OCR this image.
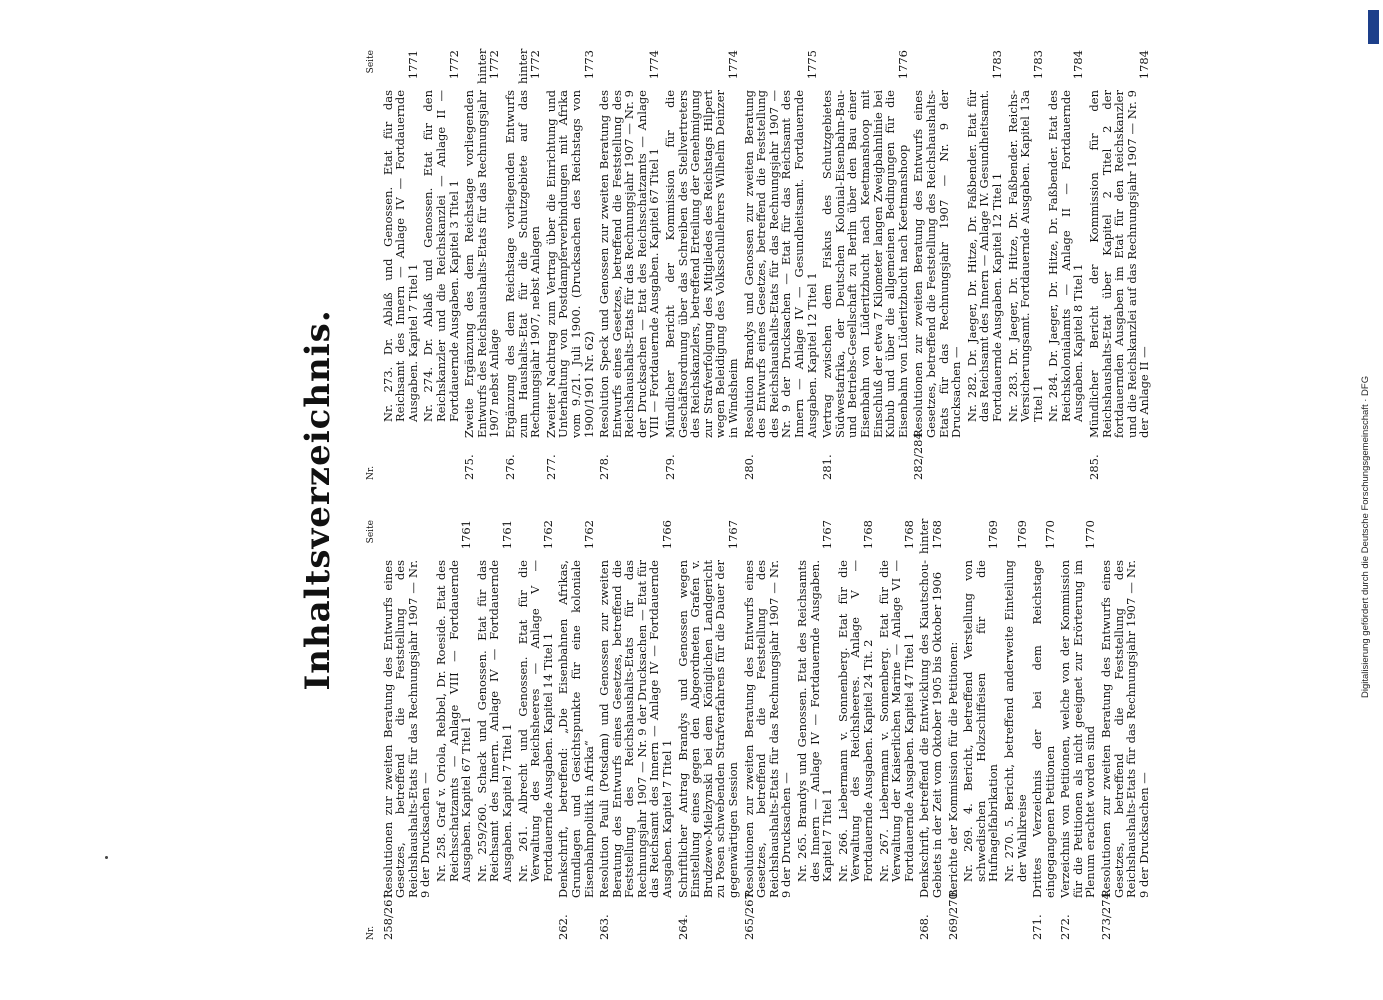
Inhaltsverzeichnis.
Nr.
Seite
258/261.
Resolutionen zur zweiten Beratung des Entwurfs eines Gesetzes, betreffend die Feststellung des Reichshaushalts-Etats für das Rechnungsjahr 1907 — Nr. 9 der Drucksachen — Nr. 258. Graf v. Oriola, Rebbel, Dr. Roeside. Etat des Reichsschatzamts — Anlage VIII — Fortdauernde Ausgaben. Kapitel 67 Titel 1
1761
Nr. 259/260. Schack und Genossen. Etat für das Reichsamt des Innern. Anlage IV — Fortdauernde Ausgaben. Kapitel 7 Titel 1
1761
Nr. 261. Albrecht und Genossen. Etat für die Verwaltung des Reichsheeres — Anlage V — Fortdauernde Ausgaben. Kapitel 14 Titel 1
1762
262.
Denkschrift, betreffend: „Die Eisenbahnen Afrikas, Grundlagen und Gesichtspunkte für eine koloniale Eisenbahnpolitik in Afrika“
1762
263.
Resolution Pauli (Potsdam) und Genossen zur zweiten Beratung des Entwurfs eines Gesetzes, betreffend die Feststellung des Reichshaushalts-Etats für das Rechnungsjahr 1907 — Nr. 9 der Drucksachen — Etat für das Reichsamt des Innern — Anlage IV — Fortdauernde Ausgaben. Kapitel 7 Titel 1
1766
264.
Schriftlicher Antrag Brandys und Genossen wegen Einstellung eines gegen den Abgeordneten Grafen v. Brudzewo-Mielzynski bei dem Königlichen Landgericht zu Posen schwebenden Strafverfahrens für die Dauer der gegenwärtigen Session
1767
265/267.
Resolutionen zur zweiten Beratung des Entwurfs eines Gesetzes, betreffend die Feststellung des Reichshaushalts-Etats für das Rechnungsjahr 1907 — Nr. 9 der Drucksachen — Nr. 265. Brandys und Genossen. Etat des Reichsamts des Innern — Anlage IV — Fortdauernde Ausgaben. Kapitel 7 Titel 1
1767
Nr. 266. Liebermann v. Sonnenberg. Etat für die Verwaltung des Reichsheeres. Anlage V — Fortdauernde Ausgaben. Kapitel 24 Tit. 2
1768
Nr. 267. Liebermann v. Sonnenberg. Etat für die Verwaltung der Kaiserlichen Marine — Anlage VI — Fortdauernde Ausgaben. Kapitel 47 Titel 1
1768
268.
Denkschrift, betreffend die Entwicklung des Kiautschou-Gebiets in der Zeit vom Oktober 1905 bis Oktober 1906
hinter 1768
269/270.
Berichte der Kommission für die Petitionen: Nr. 269. 4. Bericht, betreffend Verstellung von schwedischen Holzschiffeisen für die Hufnagelfabrikation
1769
Nr. 270. 5. Bericht, betreffend anderweite Einteilung der Wahlkreise
1769
271.
Drittes Verzeichnis der bei dem Reichstage eingegangenen Petitionen
1770
272.
Verzeichnis von Petitionen, welche von der Kommission für die Petitionen als nicht geeignet zur Erörterung im Plenum erachtet worden sind
1770
273/274.
Resolutionen zur zweiten Beratung des Entwurfs eines Gesetzes, betreffend die Feststellung des Reichshaushalts-Etats für das Rechnungsjahr 1907 — Nr. 9 der Drucksachen —
Nr.
Seite
Nr. 273. Dr. Ablaß und Genossen. Etat für das Reichsamt des Innern — Anlage IV — Fortdauernde Ausgaben. Kapitel 7 Titel 1
1771
Nr. 274. Dr. Ablaß und Genossen. Etat für den Reichskanzler und die Reichskanzlei — Anlage II — Fortdauernde Ausgaben. Kapitel 3 Titel 1
1772
275.
Zweite Ergänzung des dem Reichstage vorliegenden Entwurfs des Reichshaushalts-Etats für das Rechnungsjahr 1907 nebst Anlage
hinter 1772
276.
Ergänzung des dem Reichstage vorliegenden Entwurfs zum Haushalts-Etat für die Schutzgebiete auf das Rechnungsjahr 1907, nebst Anlagen
hinter 1772
277.
Zweiter Nachtrag zum Vertrag über die Einrichtung und Unterhaltung von Postdampferverbindungen mit Afrika vom 9./21. Juli 1900. (Drucksachen des Reichstags von 1900/1901 Nr. 62)
1773
278.
Resolution Speck und Genossen zur zweiten Beratung des Entwurfs eines Gesetzes, betreffend die Feststellung des Reichshaushalts-Etats für das Rechnungsjahr 1907 — Nr. 9 der Drucksachen — Etat des Reichsschatzamts — Anlage VIII — Fortdauernde Ausgaben. Kapitel 67 Titel 1
1774
279.
Mündlicher Bericht der Kommission für die Geschäftsordnung über das Schreiben des Stellvertreters des Reichskanzlers, betreffend Erteilung der Genehmigung zur Strafverfolgung des Mitgliedes des Reichstags Hilpert wegen Beleidigung des Volksschullehrers Wilhelm Deinzer in Windsheim
1774
280.
Resolution Brandys und Genossen zur zweiten Beratung des Entwurfs eines Gesetzes, betreffend die Feststellung des Reichshaushalts-Etats für das Rechnungsjahr 1907 — Nr. 9 der Drucksachen — Etat für das Reichsamt des Innern — Anlage IV — Gesundheitsamt. Fortdauernde Ausgaben. Kapitel 12 Titel 1
1775
281.
Vertrag zwischen dem Fiskus des Schutzgebietes Südwestafrika, der Deutschen Kolonial-Eisenbahn-Bau- und Betriebs-Gesellschaft zu Berlin über den Bau einer Eisenbahn von Lüderitzbucht nach Keetmanshoop mit Einschluß der etwa 7 Kilometer langen Zweigbahnlinie bei Kubub und über die allgemeinen Bedingungen für die Eisenbahn von Lüderitzbucht nach Keetmanshoop
1776
282/284.
Resolutionen zur zweiten Beratung des Entwurfs eines Gesetzes, betreffend die Feststellung des Reichshaushalts-Etats für das Rechnungsjahr 1907 — Nr. 9 der Drucksachen — Nr. 282. Dr. Jaeger, Dr. Hitze, Dr. Faßbender. Etat für das Reichsamt des Innern — Anlage IV. Gesundheitsamt. Fortdauernde Ausgaben. Kapitel 12 Titel 1
1783
Nr. 283. Dr. Jaeger, Dr. Hitze, Dr. Faßbender. Reichs-Versicherungsamt. Fortdauernde Ausgaben. Kapitel 13a Titel 1
1783
Nr. 284. Dr. Jaeger, Dr. Hitze, Dr. Faßbender. Etat des Reichskolonialamts — Anlage II — Fortdauernde Ausgaben. Kapitel 8 Titel 1
1784
285.
Mündlicher Bericht der Kommission für den Reichshaushalts-Etat über Kapitel 2 Titel 2 der fortdauernden Ausgaben im Etat für den Reichskanzler und die Reichskanzlei auf das Rechnungsjahr 1907 — Nr. 9 der Anlage II —
1784
Digitalisierung gefördert durch die Deutsche Forschungsgemeinschaft · DFG
